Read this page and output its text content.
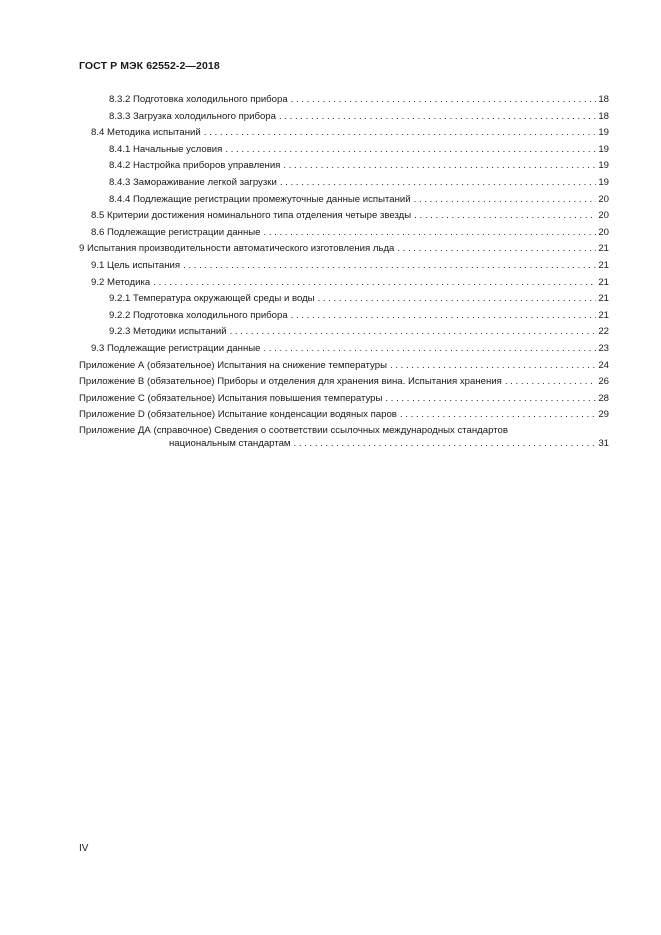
ГОСТ Р МЭК 62552-2—2018
8.3.2 Подготовка холодильного прибора . . .	18
8.3.3 Загрузка холодильного прибора . . .	18
8.4 Методика испытаний . . .	19
8.4.1 Начальные условия . . .	19
8.4.2 Настройка приборов управления . . .	19
8.4.3 Замораживание легкой загрузки . . .	19
8.4.4 Подлежащие регистрации промежуточные данные испытаний . . .	20
8.5 Критерии достижения номинального типа отделения четыре звезды . . .	20
8.6 Подлежащие регистрации данные . . .	20
9 Испытания производительности автоматического изготовления льда . . .	21
9.1 Цель испытания . . .	21
9.2 Методика . . .	21
9.2.1 Температура окружающей среды и воды . . .	21
9.2.2 Подготовка холодильного прибора . . .	21
9.2.3 Методики испытаний . . .	22
9.3 Подлежащие регистрации данные . . .	23
Приложение А (обязательное) Испытания на снижение температуры . . .	24
Приложение В (обязательное) Приборы и отделения для хранения вина. Испытания хранения . . .	26
Приложение С (обязательное) Испытания повышения температуры . . .	28
Приложение D (обязательное) Испытание конденсации водяных паров . . .	29
Приложение ДА (справочное) Сведения о соответствии ссылочных международных стандартов
национальным стандартам . . .	31
IV
